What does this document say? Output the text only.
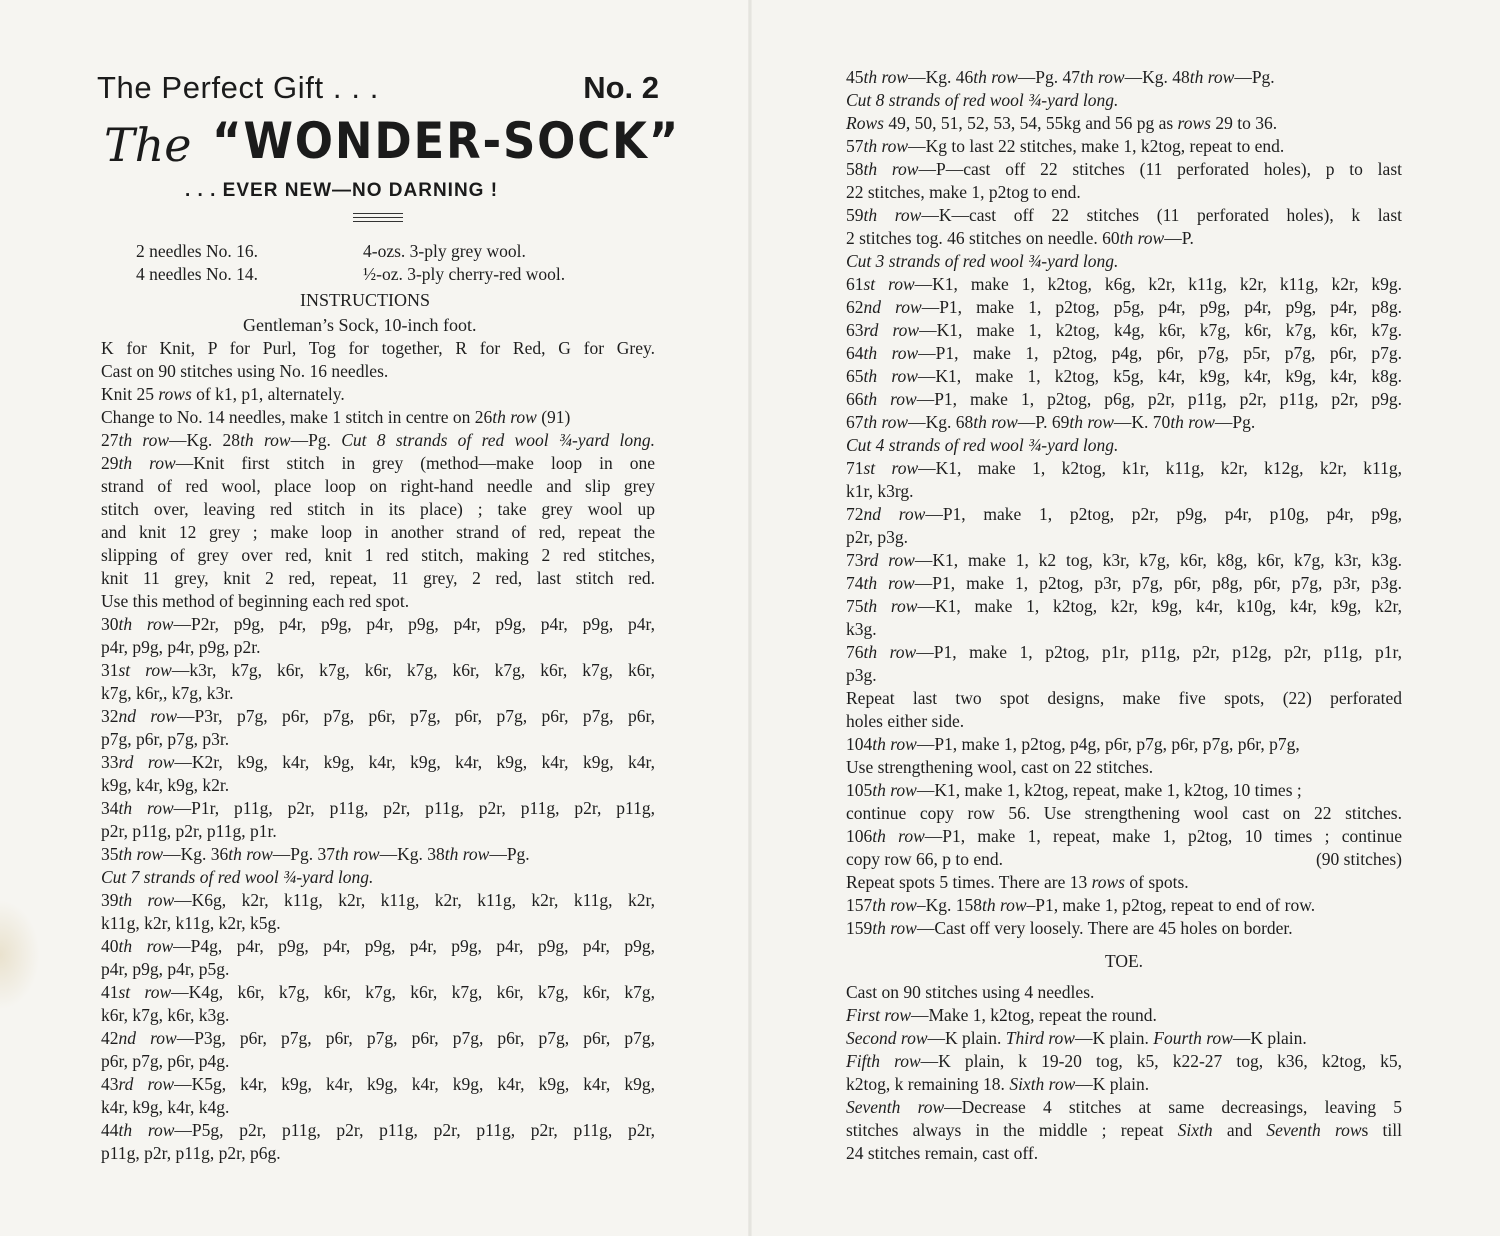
The Perfect Gift . . .	No. 2
The “WONDER-SOCK”
. . . EVER NEW—NO DARNING !
2 needles No. 16.
4 needles No. 14.
4-ozs. 3-ply grey wool.
½-oz. 3-ply cherry-red wool.
INSTRUCTIONS
Gentleman’s Sock, 10-inch foot.

K for Knit, P for Purl, Tog for together, R for Red, G for Grey.

Cast on 90 stitches using No. 16 needles.

Knit 25 rows of k1, p1, alternately.

Change to No. 14 needles, make 1 stitch in centre on 26th row (91)

27th row—Kg. 28th row—Pg. Cut 8 strands of red wool ¾-yard long.

29th row—Knit first stitch in grey (method—make loop in one

strand of red wool, place loop on right-hand needle and slip grey

stitch over, leaving red stitch in its place) ; take grey wool up

and knit 12 grey ; make loop in another strand of red, repeat the

slipping of grey over red, knit 1 red stitch, making 2 red stitches,

knit 11 grey, knit 2 red, repeat, 11 grey, 2 red, last stitch red.

Use this method of beginning each red spot.

30th row—P2r, p9g, p4r, p9g, p4r, p9g, p4r, p9g, p4r, p9g, p4r,

p4r, p9g, p4r, p9g, p2r.

31st row—k3r, k7g, k6r, k7g, k6r, k7g, k6r, k7g, k6r, k7g, k6r,

k7g, k6r,, k7g, k3r.

32nd row—P3r, p7g, p6r, p7g, p6r, p7g, p6r, p7g, p6r, p7g, p6r,

p7g, p6r, p7g, p3r.

33rd row—K2r, k9g, k4r, k9g, k4r, k9g, k4r, k9g, k4r, k9g, k4r,

k9g, k4r, k9g, k2r.

34th row—P1r, p11g, p2r, p11g, p2r, p11g, p2r, p11g, p2r, p11g,

p2r, p11g, p2r, p11g, p1r.

35th row—Kg. 36th row—Pg. 37th row—Kg. 38th row—Pg.

Cut 7 strands of red wool ¾-yard long.

39th row—K6g, k2r, k11g, k2r, k11g, k2r, k11g, k2r, k11g, k2r,

k11g, k2r, k11g, k2r, k5g.

40th row—P4g, p4r, p9g, p4r, p9g, p4r, p9g, p4r, p9g, p4r, p9g,

p4r, p9g, p4r, p5g.

41st row—K4g, k6r, k7g, k6r, k7g, k6r, k7g, k6r, k7g, k6r, k7g,

k6r, k7g, k6r, k3g.

42nd row—P3g, p6r, p7g, p6r, p7g, p6r, p7g, p6r, p7g, p6r, p7g,

p6r, p7g, p6r, p4g.

43rd row—K5g, k4r, k9g, k4r, k9g, k4r, k9g, k4r, k9g, k4r, k9g,

k4r, k9g, k4r, k4g.

44th row—P5g, p2r, p11g, p2r, p11g, p2r, p11g, p2r, p11g, p2r,

p11g, p2r, p11g, p2r, p6g.

45th row—Kg. 46th row—Pg. 47th row—Kg. 48th row—Pg.

Cut 8 strands of red wool ¾-yard long.

Rows 49, 50, 51, 52, 53, 54, 55kg and 56 pg as rows 29 to 36.

57th row—Kg to last 22 stitches, make 1, k2tog, repeat to end.

58th row—P—cast off 22 stitches (11 perforated holes), p to last

22 stitches, make 1, p2tog to end.

59th row—K—cast off 22 stitches (11 perforated holes), k last

2 stitches tog. 46 stitches on needle. 60th row—P.

Cut 3 strands of red wool ¾-yard long.

61st row—K1, make 1, k2tog, k6g, k2r, k11g, k2r, k11g, k2r, k9g.

62nd row—P1, make 1, p2tog, p5g, p4r, p9g, p4r, p9g, p4r, p8g.

63rd row—K1, make 1, k2tog, k4g, k6r, k7g, k6r, k7g, k6r, k7g.

64th row—P1, make 1, p2tog, p4g, p6r, p7g, p5r, p7g, p6r, p7g.

65th row—K1, make 1, k2tog, k5g, k4r, k9g, k4r, k9g, k4r, k8g.

66th row—P1, make 1, p2tog, p6g, p2r, p11g, p2r, p11g, p2r, p9g.

67th row—Kg. 68th row—P. 69th row—K. 70th row—Pg.

Cut 4 strands of red wool ¾-yard long.

71st row—K1, make 1, k2tog, k1r, k11g, k2r, k12g, k2r, k11g,

k1r, k3rg.

72nd row—P1, make 1, p2tog, p2r, p9g, p4r, p10g, p4r, p9g,

p2r, p3g.

73rd row—K1, make 1, k2 tog, k3r, k7g, k6r, k8g, k6r, k7g, k3r, k3g.

74th row—P1, make 1, p2tog, p3r, p7g, p6r, p8g, p6r, p7g, p3r, p3g.

75th row—K1, make 1, k2tog, k2r, k9g, k4r, k10g, k4r, k9g, k2r,

k3g.

76th row—P1, make 1, p2tog, p1r, p11g, p2r, p12g, p2r, p11g, p1r,

p3g.

Repeat last two spot designs, make five spots, (22) perforated

holes either side.

104th row—P1, make 1, p2tog, p4g, p6r, p7g, p6r, p7g, p6r, p7g,

Use strengthening wool, cast on 22 stitches.

105th row—K1, make 1, k2tog, repeat, make 1, k2tog, 10 times ;

continue copy row 56. Use strengthening wool cast on 22 stitches.

106th row—P1, make 1, repeat, make 1, p2tog, 10 times ; continue

copy row 66, p to end.	(90 stitches)

Repeat spots 5 times. There are 13 rows of spots.

157th row–Kg. 158th row–P1, make 1, p2tog, repeat to end of row.

159th row—Cast off very loosely. There are 45 holes on border.

TOE.

Cast on 90 stitches using 4 needles.

First row—Make 1, k2tog, repeat the round.

Second row—K plain. Third row—K plain. Fourth row—K plain.

Fifth row—K plain, k 19-20 tog, k5, k22-27 tog, k36, k2tog, k5,

k2tog, k remaining 18. Sixth row—K plain.

Seventh row—Decrease 4 stitches at same decreasings, leaving 5

stitches always in the middle ; repeat Sixth and Seventh rows till

24 stitches remain, cast off.
